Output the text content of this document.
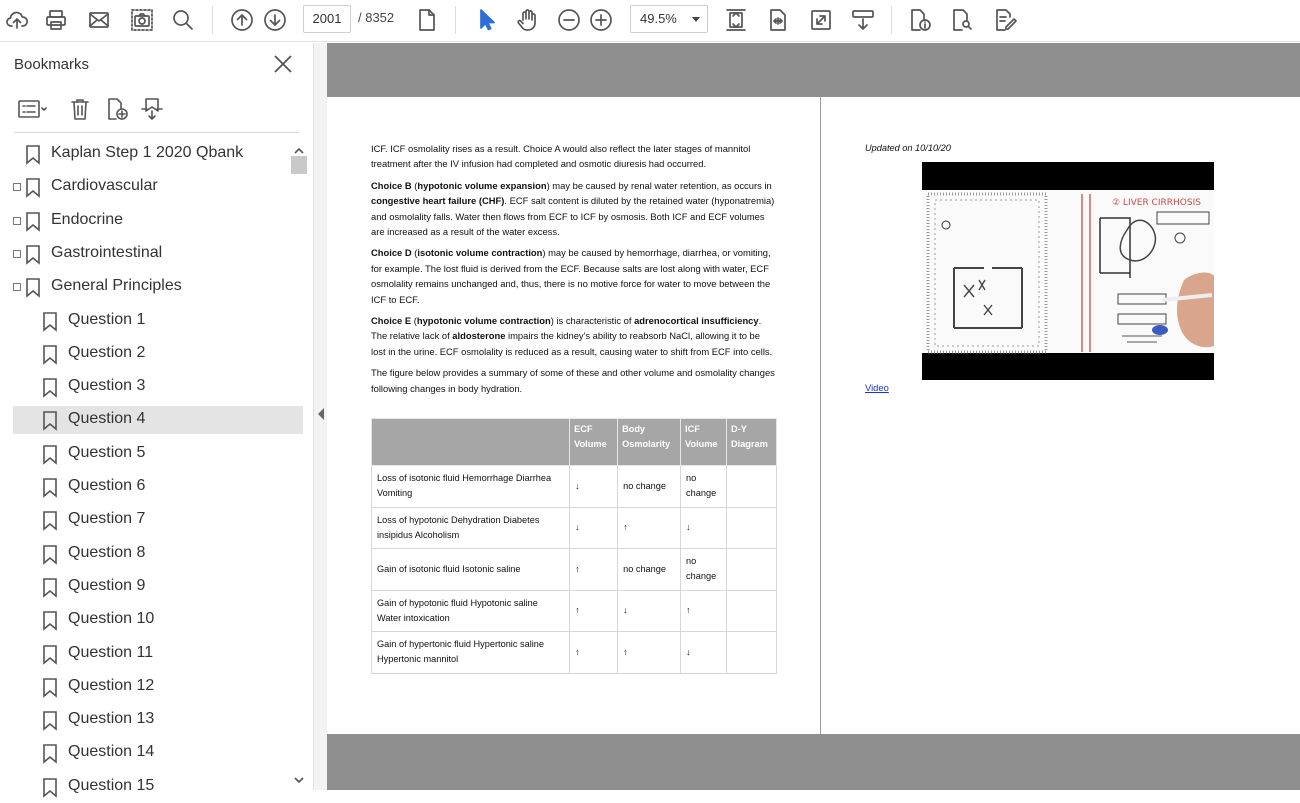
2001	/ 8352	49.5%
Bookmarks
Kaplan Step 1 2020 Qbank
Cardiovascular
Endocrine
Gastrointestinal
General Principles
Question 1
Question 2
Question 3
Question 4
Question 5
Question 6
Question 7
Question 8
Question 9
Question 10
Question 11
Question 12
Question 13
Question 14
Question 15

ICF. ICF osmolality rises as a result. Choice A would also reflect the later stages of mannitol treatment after the IV infusion had completed and osmotic diuresis had occurred.

Choice B (hypotonic volume expansion) may be caused by renal water retention, as occurs in congestive heart failure (CHF). ECF salt content is diluted by the retained water (hyponatremia) and osmolality falls. Water then flows from ECF to ICF by osmosis. Both ICF and ECF volumes are increased as a result of the water excess.

Choice D (isotonic volume contraction) may be caused by hemorrhage, diarrhea, or vomiting, for example. The lost fluid is derived from the ECF. Because salts are lost along with water, ECF osmolality remains unchanged and, thus, there is no motive force for water to move between the ICF to ECF.

Choice E (hypotonic volume contraction) is characteristic of adrenocortical insufficiency. The relative lack of aldosterone impairs the kidney's ability to reabsorb NaCl, allowing it to be lost in the urine. ECF osmolality is reduced as a result, causing water to shift from ECF into cells.

The figure below provides a summary of some of these and other volume and osmolality changes following changes in body hydration.

	ECF Volume	Body Osmolarity	ICF Volume	D-Y Diagram
Loss of isotonic fluid Hemorrhage Diarrhea Vomiting	↓	no change	no change	
Loss of hypotonic Dehydration Diabetes insipidus Alcoholism	↓	↑	↓	
Gain of isotonic fluid Isotonic saline	↑	no change	no change	
Gain of hypotonic fluid Hypotonic saline Water intoxication	↑	↓	↑	
Gain of hypertonic fluid Hypertonic saline Hypertonic mannitol	↑	↑	↓	
Updated on 10/10/20
② LIVER CIRRHOSIS
Video
